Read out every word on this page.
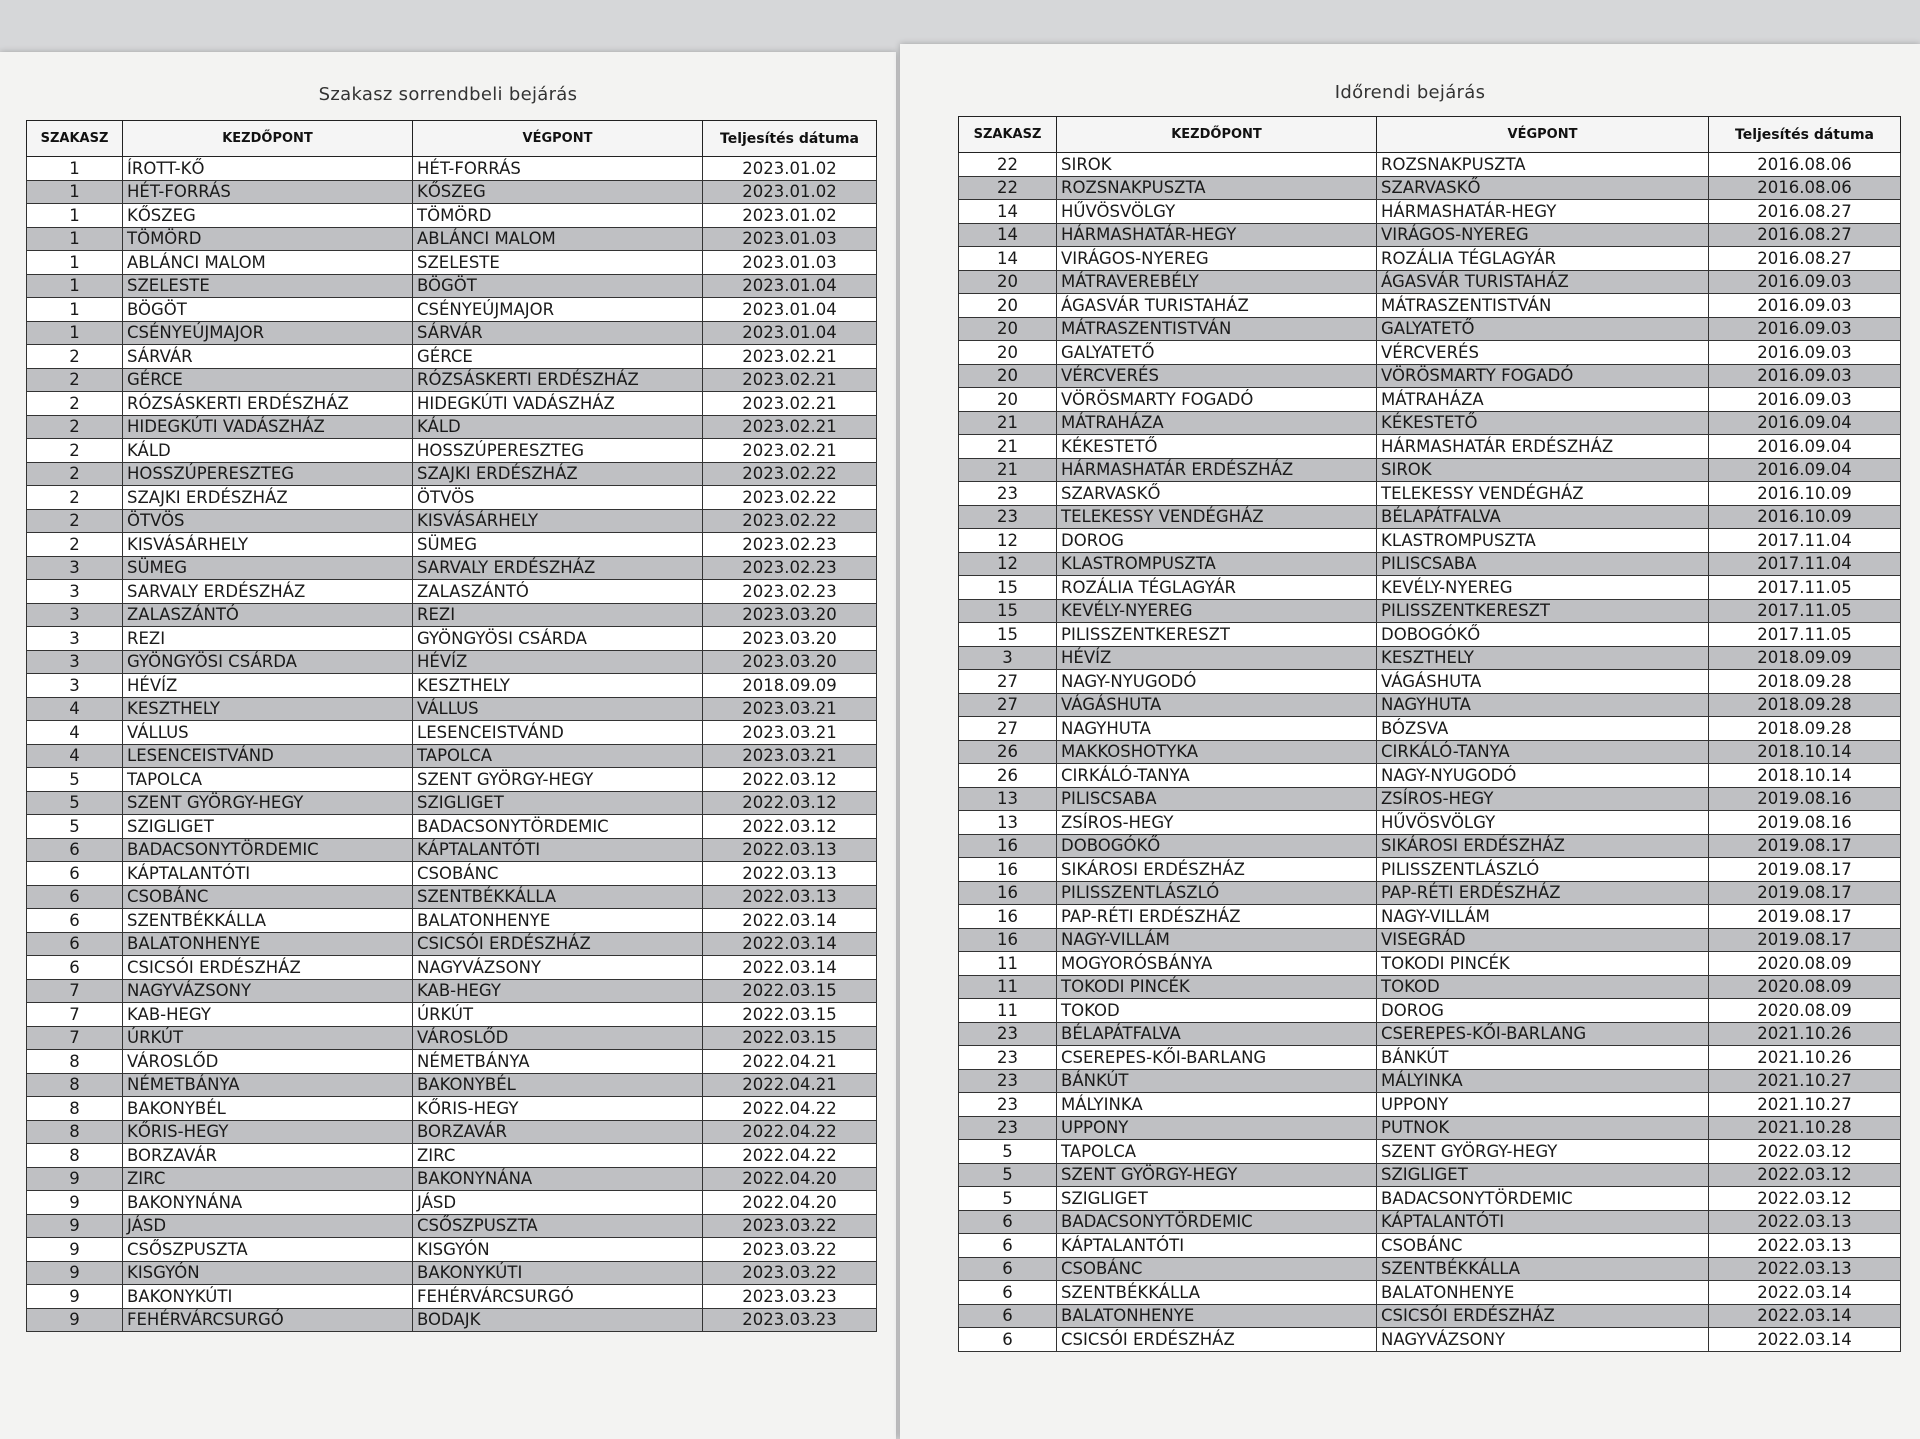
Szakasz sorrendbeli bejárás	Időrendi bejárás
SZAKASZ	KEZDŐPONT	VÉGPONT	Teljesítés dátuma
1	ÍROTT-KŐ	HÉT-FORRÁS	2023.01.02
1	HÉT-FORRÁS	KŐSZEG	2023.01.02
1	KŐSZEG	TÖMÖRD	2023.01.02
1	TÖMÖRD	ABLÁNCI MALOM	2023.01.03
1	ABLÁNCI MALOM	SZELESTE	2023.01.03
1	SZELESTE	BÖGÖT	2023.01.04
1	BÖGÖT	CSÉNYEÚJMAJOR	2023.01.04
1	CSÉNYEÚJMAJOR	SÁRVÁR	2023.01.04
2	SÁRVÁR	GÉRCE	2023.02.21
2	GÉRCE	RÓZSÁSKERTI ERDÉSZHÁZ	2023.02.21
2	RÓZSÁSKERTI ERDÉSZHÁZ	HIDEGKÚTI VADÁSZHÁZ	2023.02.21
2	HIDEGKÚTI VADÁSZHÁZ	KÁLD	2023.02.21
2	KÁLD	HOSSZÚPERESZTEG	2023.02.21
2	HOSSZÚPERESZTEG	SZAJKI ERDÉSZHÁZ	2023.02.22
2	SZAJKI ERDÉSZHÁZ	ÖTVÖS	2023.02.22
2	ÖTVÖS	KISVÁSÁRHELY	2023.02.22
2	KISVÁSÁRHELY	SÜMEG	2023.02.23
3	SÜMEG	SARVALY ERDÉSZHÁZ	2023.02.23
3	SARVALY ERDÉSZHÁZ	ZALASZÁNTÓ	2023.02.23
3	ZALASZÁNTÓ	REZI	2023.03.20
3	REZI	GYÖNGYÖSI CSÁRDA	2023.03.20
3	GYÖNGYÖSI CSÁRDA	HÉVÍZ	2023.03.20
3	HÉVÍZ	KESZTHELY	2018.09.09
4	KESZTHELY	VÁLLUS	2023.03.21
4	VÁLLUS	LESENCEISTVÁND	2023.03.21
4	LESENCEISTVÁND	TAPOLCA	2023.03.21
5	TAPOLCA	SZENT GYÖRGY-HEGY	2022.03.12
5	SZENT GYÖRGY-HEGY	SZIGLIGET	2022.03.12
5	SZIGLIGET	BADACSONYTÖRDEMIC	2022.03.12
6	BADACSONYTÖRDEMIC	KÁPTALANTÓTI	2022.03.13
6	KÁPTALANTÓTI	CSOBÁNC	2022.03.13
6	CSOBÁNC	SZENTBÉKKÁLLA	2022.03.13
6	SZENTBÉKKÁLLA	BALATONHENYE	2022.03.14
6	BALATONHENYE	CSICSÓI ERDÉSZHÁZ	2022.03.14
6	CSICSÓI ERDÉSZHÁZ	NAGYVÁZSONY	2022.03.14
7	NAGYVÁZSONY	KAB-HEGY	2022.03.15
7	KAB-HEGY	ÚRKÚT	2022.03.15
7	ÚRKÚT	VÁROSLŐD	2022.03.15
8	VÁROSLŐD	NÉMETBÁNYA	2022.04.21
8	NÉMETBÁNYA	BAKONYBÉL	2022.04.21
8	BAKONYBÉL	KŐRIS-HEGY	2022.04.22
8	KŐRIS-HEGY	BORZAVÁR	2022.04.22
8	BORZAVÁR	ZIRC	2022.04.22
9	ZIRC	BAKONYNÁNA	2022.04.20
9	BAKONYNÁNA	JÁSD	2022.04.20
9	JÁSD	CSŐSZPUSZTA	2023.03.22
9	CSŐSZPUSZTA	KISGYÓN	2023.03.22
9	KISGYÓN	BAKONYKÚTI	2023.03.22
9	BAKONYKÚTI	FEHÉRVÁRCSURGÓ	2023.03.23
9	FEHÉRVÁRCSURGÓ	BODAJK	2023.03.23
SZAKASZ	KEZDŐPONT	VÉGPONT	Teljesítés dátuma
22	SIROK	ROZSNAKPUSZTA	2016.08.06
22	ROZSNAKPUSZTA	SZARVASKŐ	2016.08.06
14	HŰVÖSVÖLGY	HÁRMASHATÁR-HEGY	2016.08.27
14	HÁRMASHATÁR-HEGY	VIRÁGOS-NYEREG	2016.08.27
14	VIRÁGOS-NYEREG	ROZÁLIA TÉGLAGYÁR	2016.08.27
20	MÁTRAVEREBÉLY	ÁGASVÁR TURISTAHÁZ	2016.09.03
20	ÁGASVÁR TURISTAHÁZ	MÁTRASZENTISTVÁN	2016.09.03
20	MÁTRASZENTISTVÁN	GALYATETŐ	2016.09.03
20	GALYATETŐ	VÉRCVERÉS	2016.09.03
20	VÉRCVERÉS	VÖRÖSMARTY FOGADÓ	2016.09.03
20	VÖRÖSMARTY FOGADÓ	MÁTRAHÁZA	2016.09.03
21	MÁTRAHÁZA	KÉKESTETŐ	2016.09.04
21	KÉKESTETŐ	HÁRMASHATÁR ERDÉSZHÁZ	2016.09.04
21	HÁRMASHATÁR ERDÉSZHÁZ	SIROK	2016.09.04
23	SZARVASKŐ	TELEKESSY VENDÉGHÁZ	2016.10.09
23	TELEKESSY VENDÉGHÁZ	BÉLAPÁTFALVA	2016.10.09
12	DOROG	KLASTROMPUSZTA	2017.11.04
12	KLASTROMPUSZTA	PILISCSABA	2017.11.04
15	ROZÁLIA TÉGLAGYÁR	KEVÉLY-NYEREG	2017.11.05
15	KEVÉLY-NYEREG	PILISSZENTKERESZT	2017.11.05
15	PILISSZENTKERESZT	DOBOGÓKŐ	2017.11.05
3	HÉVÍZ	KESZTHELY	2018.09.09
27	NAGY-NYUGODÓ	VÁGÁSHUTA	2018.09.28
27	VÁGÁSHUTA	NAGYHUTA	2018.09.28
27	NAGYHUTA	BÓZSVA	2018.09.28
26	MAKKOSHOTYKA	CIRKÁLÓ-TANYA	2018.10.14
26	CIRKÁLÓ-TANYA	NAGY-NYUGODÓ	2018.10.14
13	PILISCSABA	ZSÍROS-HEGY	2019.08.16
13	ZSÍROS-HEGY	HŰVÖSVÖLGY	2019.08.16
16	DOBOGÓKŐ	SIKÁROSI ERDÉSZHÁZ	2019.08.17
16	SIKÁROSI ERDÉSZHÁZ	PILISSZENTLÁSZLÓ	2019.08.17
16	PILISSZENTLÁSZLÓ	PAP-RÉTI ERDÉSZHÁZ	2019.08.17
16	PAP-RÉTI ERDÉSZHÁZ	NAGY-VILLÁM	2019.08.17
16	NAGY-VILLÁM	VISEGRÁD	2019.08.17
11	MOGYORÓSBÁNYA	TOKODI PINCÉK	2020.08.09
11	TOKODI PINCÉK	TOKOD	2020.08.09
11	TOKOD	DOROG	2020.08.09
23	BÉLAPÁTFALVA	CSEREPES-KŐI-BARLANG	2021.10.26
23	CSEREPES-KŐI-BARLANG	BÁNKÚT	2021.10.26
23	BÁNKÚT	MÁLYINKA	2021.10.27
23	MÁLYINKA	UPPONY	2021.10.27
23	UPPONY	PUTNOK	2021.10.28
5	TAPOLCA	SZENT GYÖRGY-HEGY	2022.03.12
5	SZENT GYÖRGY-HEGY	SZIGLIGET	2022.03.12
5	SZIGLIGET	BADACSONYTÖRDEMIC	2022.03.12
6	BADACSONYTÖRDEMIC	KÁPTALANTÓTI	2022.03.13
6	KÁPTALANTÓTI	CSOBÁNC	2022.03.13
6	CSOBÁNC	SZENTBÉKKÁLLA	2022.03.13
6	SZENTBÉKKÁLLA	BALATONHENYE	2022.03.14
6	BALATONHENYE	CSICSÓI ERDÉSZHÁZ	2022.03.14
6	CSICSÓI ERDÉSZHÁZ	NAGYVÁZSONY	2022.03.14
